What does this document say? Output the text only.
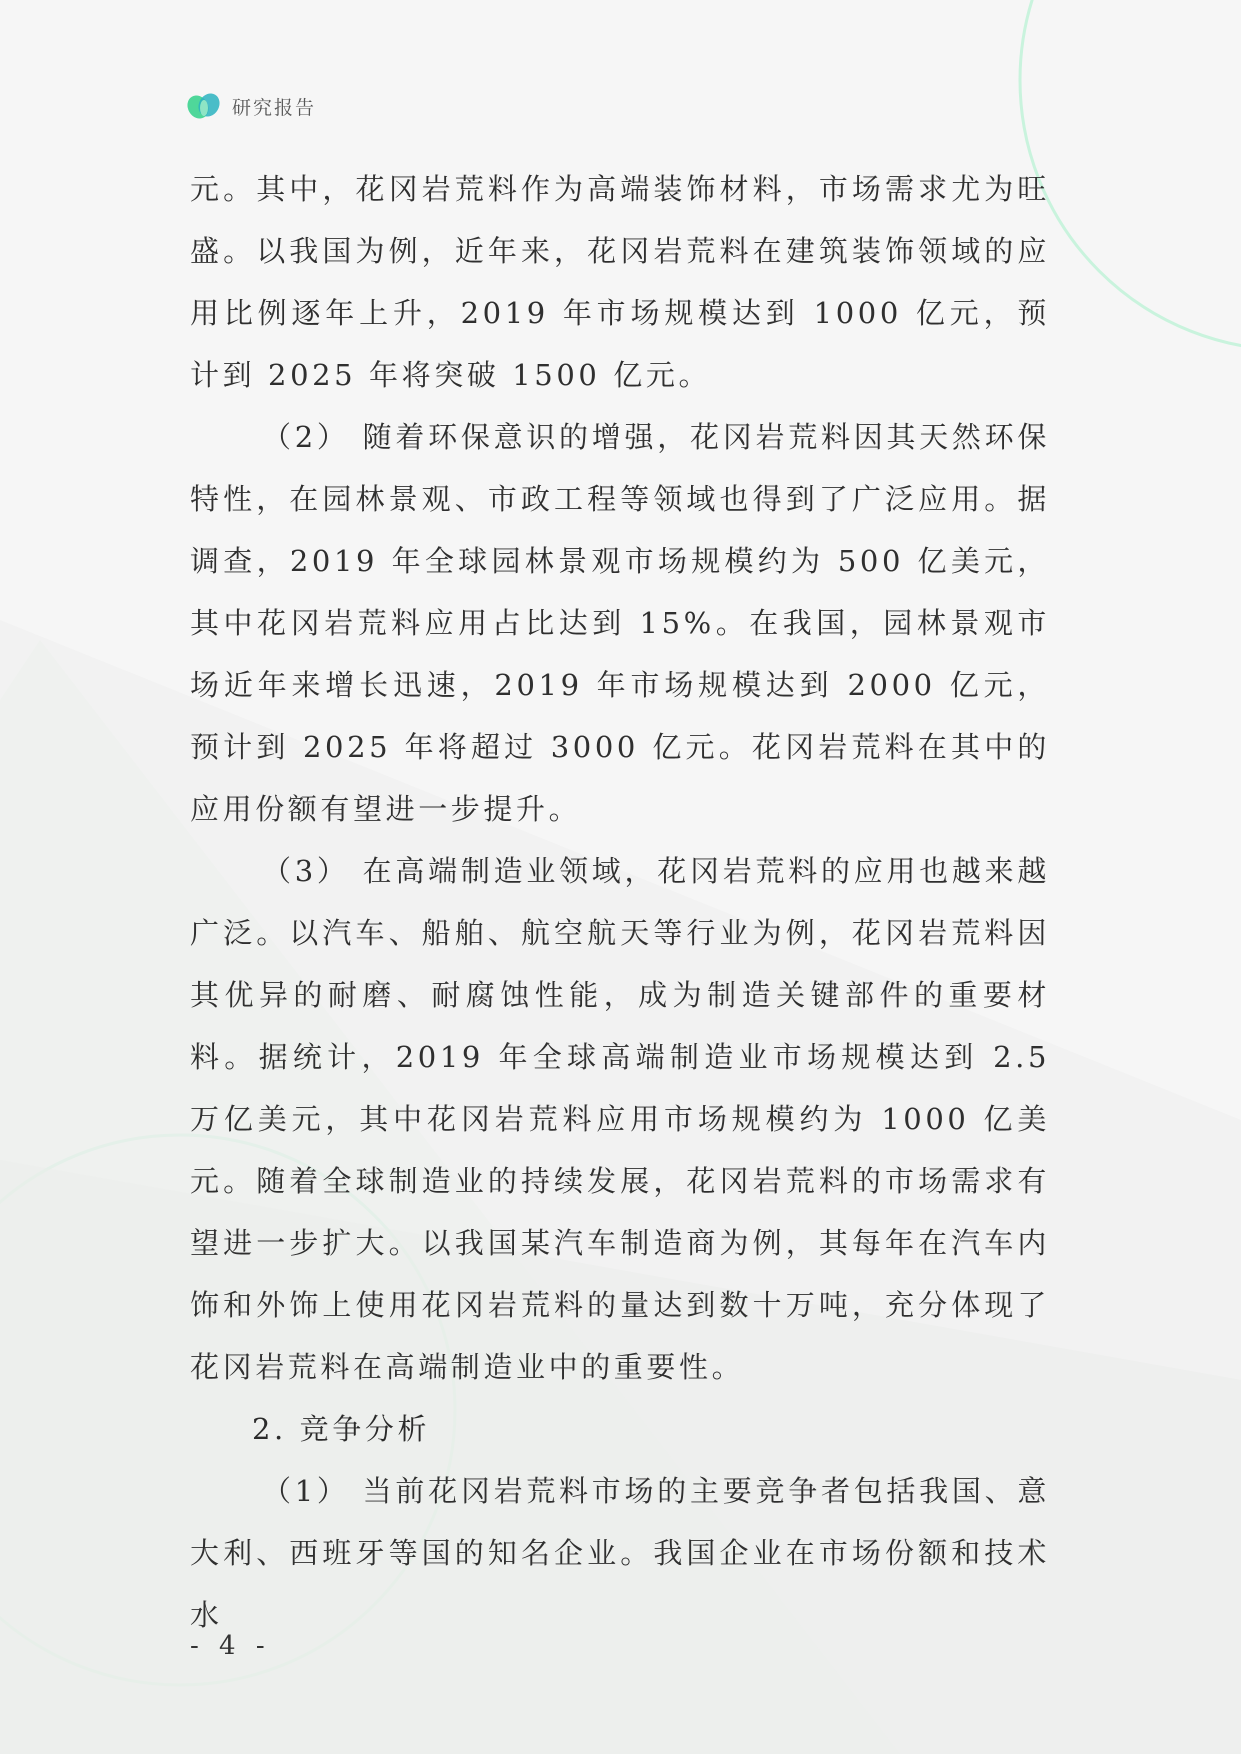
研究报告

元。其中，花冈岩荒料作为高端装饰材料，市场需求尤为旺盛。以我国为例，近年来，花冈岩荒料在建筑装饰领域的应用比例逐年上升，2019 年市场规模达到 1000 亿元，预计到 2025 年将突破 1500 亿元。

（2） 随着环保意识的增强，花冈岩荒料因其天然环保特性，在园林景观、市政工程等领域也得到了广泛应用。据调查，2019 年全球园林景观市场规模约为 500 亿美元，其中花冈岩荒料应用占比达到 15%。在我国，园林景观市场近年来增长迅速，2019 年市场规模达到 2000 亿元，预计到 2025 年将超过 3000 亿元。花冈岩荒料在其中的应用份额有望进一步提升。

（3） 在高端制造业领域，花冈岩荒料的应用也越来越广泛。以汽车、船舶、航空航天等行业为例，花冈岩荒料因其优异的耐磨、耐腐蚀性能，成为制造关键部件的重要材料。据统计，2019 年全球高端制造业市场规模达到 2.5 万亿美元，其中花冈岩荒料应用市场规模约为 1000 亿美元。随着全球制造业的持续发展，花冈岩荒料的市场需求有望进一步扩大。以我国某汽车制造商为例，其每年在汽车内饰和外饰上使用花冈岩荒料的量达到数十万吨，充分体现了花冈岩荒料在高端制造业中的重要性。

2. 竞争分析

（1） 当前花冈岩荒料市场的主要竞争者包括我国、意大利、西班牙等国的知名企业。我国企业在市场份额和技术水

- 4 -
